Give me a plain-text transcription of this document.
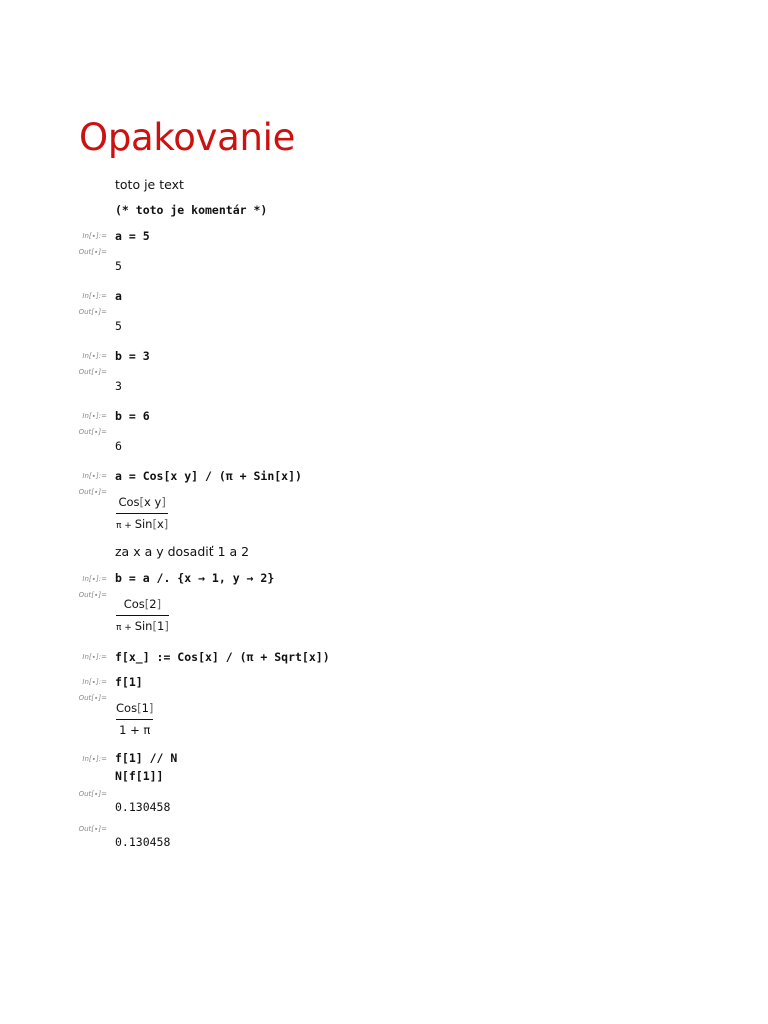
Opakovanie
toto je text
(* toto je komentár *)
In[∙]:= a = 5
Out[∙]=
5
In[∙]:= a
Out[∙]=
5
In[∙]:= b = 3
Out[∙]=
3
In[∙]:= b = 6
Out[∙]=
6
In[∙]:= a = Cos[x y] / (π + Sin[x])
Out[∙]=
Cos[x y]
π + Sin[x]
za x a y dosadiť 1 a 2
In[∙]:= b = a /. {x → 1, y → 2}
Out[∙]=
Cos[2]
π + Sin[1]
In[∙]:= f[x_] := Cos[x] / (π + Sqrt[x])
In[∙]:= f[1]
Out[∙]=
Cos[1]
1 + π
In[∙]:= f[1] // N
N[f[1]]
Out[∙]=
0.130458
Out[∙]=
0.130458
